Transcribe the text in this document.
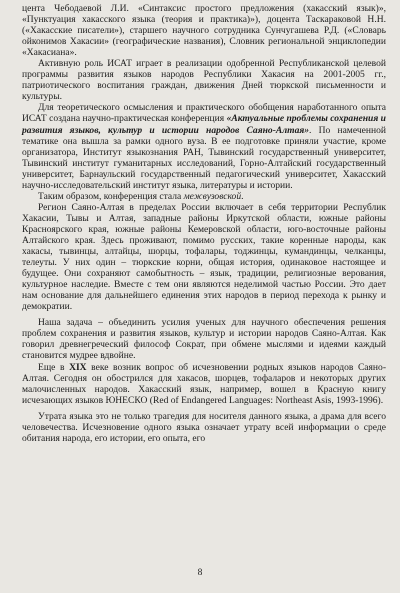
цента Чебодаевой Л.И. «Синтаксис простого предложения (хакасский язык)», «Пунктуация хакасского языка (теория и практика)»), доцента Таскараковой Н.Н. («Хакасские писатели»), старшего научного сотрудника Сунчугашева Р.Д. («Словарь ойконимов Хакасии» (географические названия), Словник региональной энциклопедии «Хакасиана».

Активную роль ИСАТ играет в реализации одобренной Республиканской целевой программы развития языков народов Республики Хакасия на 2001-2005 гг., патриотического воспитания граждан, движения Дней тюркской письменности и культуры.

Для теоретического осмысления и практического обобщения наработанного опыта ИСАТ создана научно-практическая конференция «Актуальные проблемы сохранения и развития языков, культур и истории народов Саяно-Алтая». По намеченной тематике она вышла за рамки одного вуза. В ее подготовке приняли участие, кроме организатора, Институт языкознания РАН, Тывинский государственный университет, Тывинский институт гуманитарных исследований, Горно-Алтайский государственный университет, Барнаульский государственный педагогический университет, Хакасский научно-исследовательский институт языка, литературы и истории.

Таким образом, конференция стала межвузовской.

Регион Саяно-Алтая в пределах России включает в себя территории Республик Хакасии, Тывы и Алтая, западные районы Иркутской области, южные районы Красноярского края, южные районы Кемеровской области, юго-восточные районы Алтайского края. Здесь проживают, помимо русских, такие коренные народы, как хакасы, тывинцы, алтайцы, шорцы, тофалары, тоджинцы, кумандинцы, челканцы, телеуты. У них один – тюркские корни, общая история, одинаковое настоящее и будущее. Они сохраняют самобытность – язык, традиции, религиозные верования, культурное наследие. Вместе с тем они являются неделимой частью России. Это дает нам основание для дальнейшего единения этих народов в период перехода к рынку и демократии.

Наша задача – объединить усилия ученых для научного обеспечения решения проблем сохранения и развития языков, культур и истории народов Саяно-Алтая. Как говорил древнегреческий философ Сократ, при обмене мыслями и идеями каждый становится мудрее вдвойне.

Еще в XIX веке возник вопрос об исчезновении родных языков народов Саяно-Алтая. Сегодня он обострился для хакасов, шорцев, тофаларов и некоторых других малочисленных народов. Хакасский язык, например, вошел в Красную книгу исчезающих языков ЮНЕСКО (Red of Endangered Languages: Northeast Asis, 1993-1996).

Утрата языка это не только трагедия для носителя данного языка, а драма для всего человечества. Исчезновение одного языка означает утрату всей информации о среде обитания народа, его истории, его опыта, его

8
